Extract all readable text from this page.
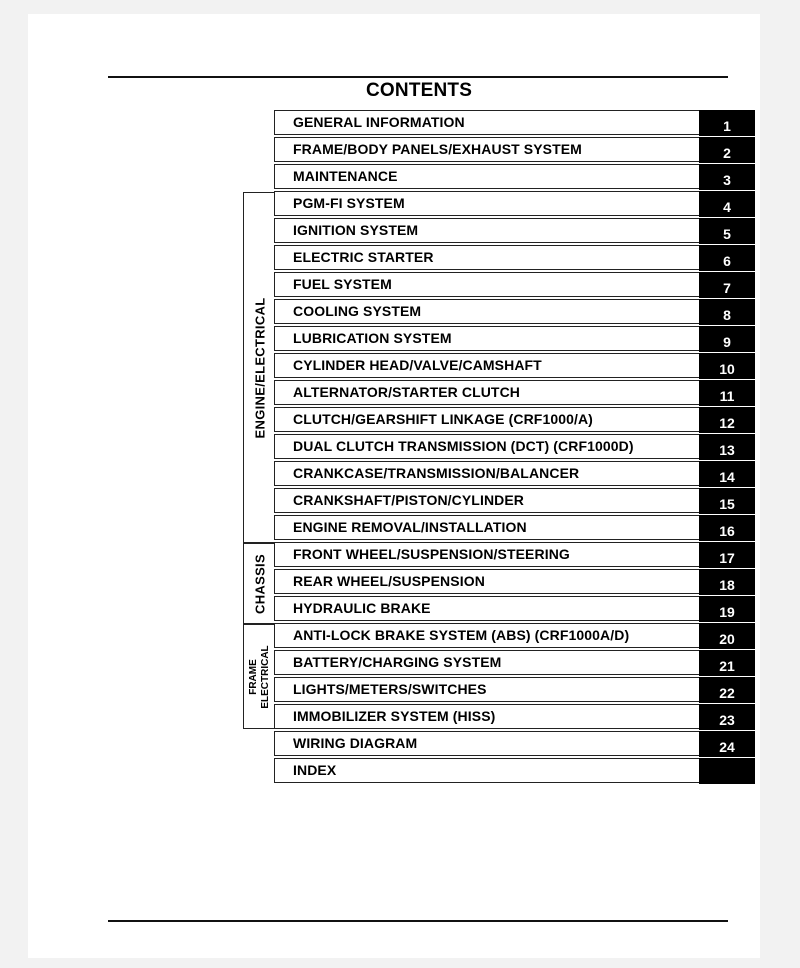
CONTENTS
ENGINE/ELECTRICAL
CHASSIS
FRAME ELECTRICAL
GENERAL INFORMATION	1
FRAME/BODY PANELS/EXHAUST SYSTEM	2
MAINTENANCE	3
PGM-FI SYSTEM	4
IGNITION SYSTEM	5
ELECTRIC STARTER	6
FUEL SYSTEM	7
COOLING SYSTEM	8
LUBRICATION SYSTEM	9
CYLINDER HEAD/VALVE/CAMSHAFT	10
ALTERNATOR/STARTER CLUTCH	11
CLUTCH/GEARSHIFT LINKAGE (CRF1000/A)	12
DUAL CLUTCH TRANSMISSION (DCT) (CRF1000D)	13
CRANKCASE/TRANSMISSION/BALANCER	14
CRANKSHAFT/PISTON/CYLINDER	15
ENGINE REMOVAL/INSTALLATION	16
FRONT WHEEL/SUSPENSION/STEERING	17
REAR WHEEL/SUSPENSION	18
HYDRAULIC BRAKE	19
ANTI-LOCK BRAKE SYSTEM (ABS) (CRF1000A/D)	20
BATTERY/CHARGING SYSTEM	21
LIGHTS/METERS/SWITCHES	22
IMMOBILIZER SYSTEM (HISS)	23
WIRING DIAGRAM	24
INDEX
